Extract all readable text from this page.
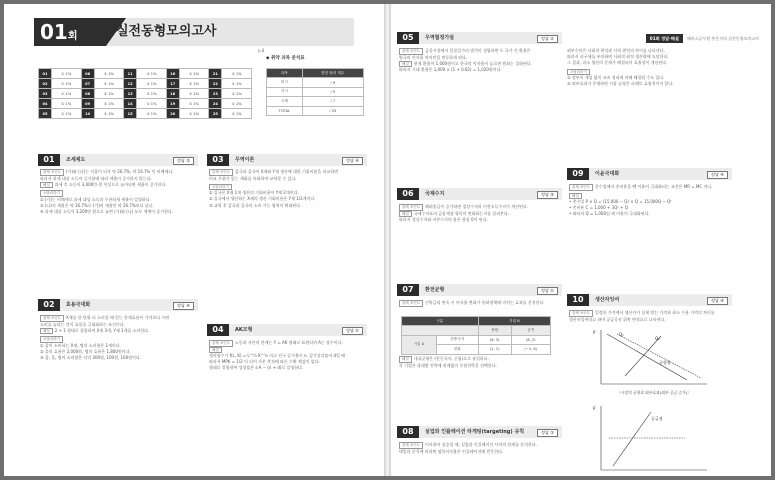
01회	실전동형모의고사
p.8
01	① 1%	06	① 1%	11	① 1%	16	① 1%	21	① 1%
02	① 1%	07	① 1%	12	① 1%	17	① 1%	22	① 1%
03	① 1%	08	① 1%	13	① 1%	18	① 1%	23	① 1%
04	① 1%	09	① 1%	14	① 1%	19	① 1%	24	① 1%
05	① 1%	10	① 1%	15	① 1%	20	① 1%	25	① 1%
◆ 취약 과목 분석표
과목	맞힌 답의 개수
미시	/ 9
거시	/ 9
국제	/ 7
TOTAL	/ 25
01	조세제도	정답 ③
출제 포인트 (가)와 (나)는 서울이 되자 약 26.7%, 약 16.7% 인 비례세다.
따라서 과세 대상 소득이 증가함에 따라 세율이 증가하지 않는다.
해설 과세 후 소득이 3,000만 원 이상으로 늘어나면 세율이 증가한다.
오답피하기
② (가)는 비례세로 과세 대상 소득과 무관하게 세율이 일정하다.
③ (나)의 세율은 약 16.7%로 (가)의 세율인 약 26.7%보다 낮다.
④ 과세 대상 소득이 3,200만 원으로 늘면 (가)와 (나) 모두 세액이 증가한다.
02	효용극대화	정답 ④
출제 포인트 X재를 한 단위 더 소비할 때 얻는 한계효용이 가격보다 크면
소비를 늘리는 것이 효용을 극대화하는 조건이다.
해설 2 + 1 형태로 결합하여 X재 3개, Y재 1개를 소비한다.
오답피하기
① 갑이 소비하는 X재, 병의 소비량은 1개이다.
② 을의 효용은 2,000원, 병의 효용은 1,800원이다.
③ 갑, 을, 병의 소비량은 각각 300원, 100원, 100원이다.
03	무역이론	정답 ④
출제 포인트 갑국과 을국이 X재와 Y재 생산에 대한 기회비용을 비교하면
비교 우위가 있는 재화를 특화하여 교역할 수 있다.
오답피하기
① 갑국은 X재 1개 생산의 기회비용이 Y재 2개이다.
② 을국에서 생산하는 X재의 생산 기회비용은 Y재 1/2개이다.
③ 교역 후 갑국과 을국의 소비 가능 영역이 확대된다.
04	AK모형	정답 ①
출제 포인트 노동과 자본의 관계는 Y = AK 형태로 표현되며 A는 상수이다.
해설
생산함수가 f(L, K) = L^½ K^½ 이고 인구 증가율이 n, 감가상각률이 d일 때
따라서 MPK = 1/2 이 되어 자본 축적에 따른 수확 체감이 없다.
형태로 결합하여 성장률은 s·A − (n + d)로 일정하다.
01회 정답·해설	해커스공무원 봉은지의 실전동형모의고사
05	무역협정가설	정답 ②
출제 포인트 금융시장에서 일물일가의 법칙이 성립하면 두 국가 간 환율은
양국의 이자율 차이만큼 변동하게 된다.
해설 현재 환율이 1,000원이고 한국의 이자율이 높으면 원화는 절하된다.
따라서 기대 환율은 1,000 × (1 + 0.02) = 1,020원이다.
06	국제수지	정답 ③
출제 포인트 해외송금이 증가하면 경상수지의 이전소득수지가 개선된다.
해설 국제수지표의 금융계정 항목이 변화하는지를 살펴본다.
따라서 경상수지와 자본수지의 합은 항상 0이 된다.
07	환전균형	정답 ①
출제 포인트 신탁금리 연속 시 이자율 변화가 통화정책에 미치는 효과를 분석한다.
구분		기업 B	
		중립	공격
기업 A	친중국자	(6, 3)	(8, 2)
	친화	(1, 1)	(−1, 6)
해설 내쉬균형은 (친중국자, 중립)으로 유일하다.
각 기업은 상대방 전략에 관계없이 우월전략을 선택한다.
08	실업와 인플레이션 타게팅(targeting) 규칙	정답 ③
출제 포인트 이자율이 상승할 때, 실업과 인플레이션 사이의 관계를 분석한다.
테일러 준칙에 의하면 명목이자율은 인플레이션에 반응한다.
외부수익은 사회적 편익과 사적 편익의 차이를 나타낸다.
따라서 피구세를 부과하면 사회적 최적 생산량에 도달한다.
그 결과, 과소 생산의 문제가 해결되어 효율성이 개선된다.
오답피하기
② 정부의 개입 없이 코즈 정리에 의해 해결될 수도 있다.
③ 외부효과가 존재하면 시장 균형은 파레토 효율적이지 않다.
09	이윤극대화	정답 ④
출제 포인트 총수입에서 총비용을 뺀 이윤이 극대화되는 조건은 MR = MC 이다.
해설
• 총수입 P × Q = (15,000 − Q) × Q = 15,000Q − Q²
• 총비용 C = 1,000 + 3Q² + Q
• 따라서 Q = 1,000일 때 이윤이 극대화된다.
10	생산자잉여	정답 ④
출제 포인트 일정한 가격에서 생산자가 실제 받는 가격과 최소 수용 가격의 차이를
생산자잉여라고 하며 공급곡선 위쪽 면적으로 나타낸다.
P	Q₁
Q₂
균형점
〈시장의 균형과 외부효과(외부 공급 증가)〉
P
공급점
